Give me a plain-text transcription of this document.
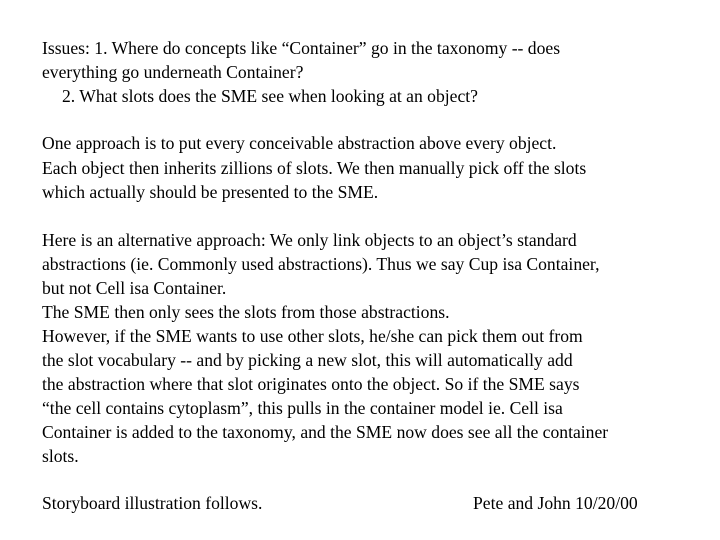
Issues: 1. Where do concepts like “Container” go in the taxonomy -- does
everything go underneath Container?
2. What slots does the SME see when looking at an object?
One approach is to put every conceivable abstraction above every object.
Each object then inherits zillions of slots. We then manually pick off the slots
which actually should be presented to the SME.
Here is an alternative approach: We only link objects to an object’s standard
abstractions (ie. Commonly used abstractions). Thus we say Cup isa Container,
but not Cell isa Container.
The SME then only sees the slots from those abstractions.
However, if the SME wants to use other slots, he/she can pick them out from
the slot vocabulary -- and by picking a new slot, this will automatically add
the abstraction where that slot originates onto the object. So if the SME says
“the cell contains cytoplasm”, this pulls in the container model ie. Cell isa
Container is added to the taxonomy, and the SME now does see all the container
slots.
Storyboard illustration follows.	Pete and John 10/20/00
